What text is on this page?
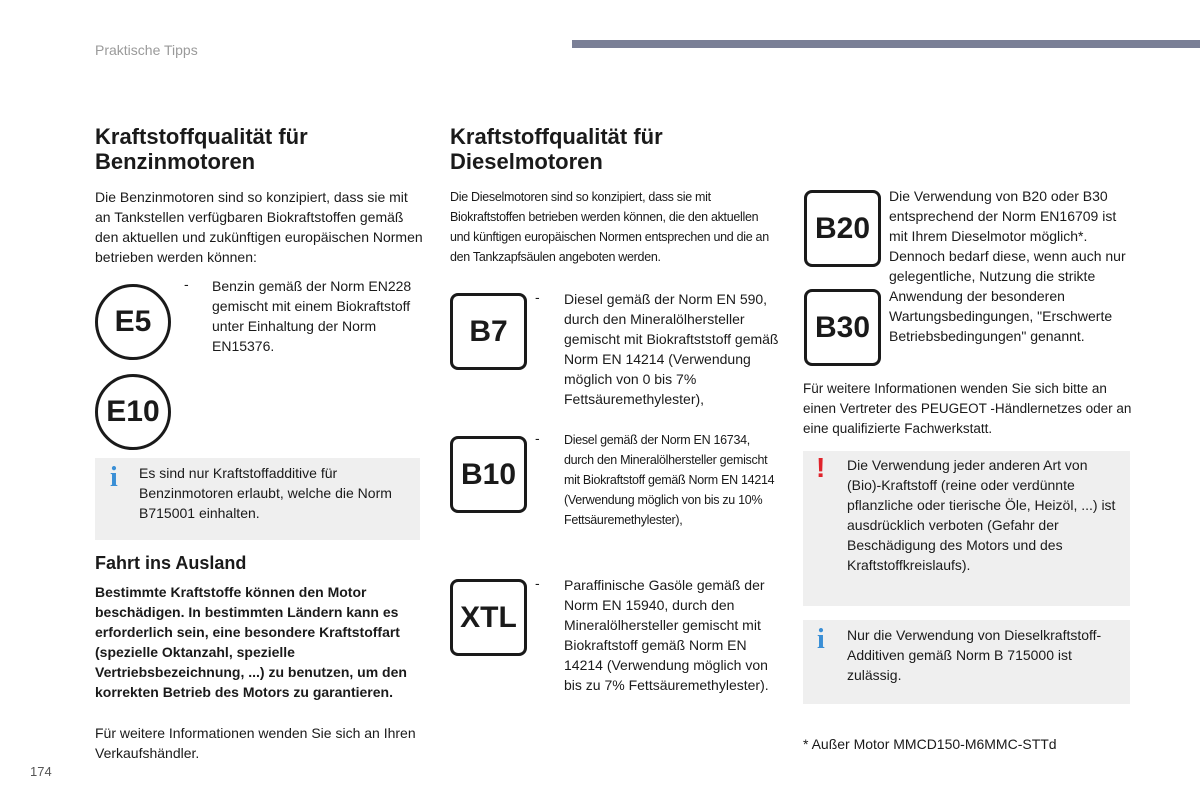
Praktische Tipps
Kraftstoffqualität für Benzinmotoren
Die Benzinmotoren sind so konzipiert, dass sie mit an Tankstellen verfügbaren Biokraftstoffen gemäß den aktuellen und zukünftigen europäischen Normen betrieben werden können:
E5
E10
- Benzin gemäß der Norm EN228 gemischt mit einem Biokraftstoff unter Einhaltung der Norm EN15376.
i Es sind nur Kraftstoffadditive für Benzinmotoren erlaubt, welche die Norm B715001 einhalten.
Fahrt ins Ausland
Bestimmte Kraftstoffe können den Motor beschädigen. In bestimmten Ländern kann es erforderlich sein, eine besondere Kraftstoffart (spezielle Oktanzahl, spezielle Vertriebsbezeichnung, ...) zu benutzen, um den korrekten Betrieb des Motors zu garantieren.
Für weitere Informationen wenden Sie sich an Ihren Verkaufshändler.
Kraftstoffqualität für Dieselmotoren
Die Dieselmotoren sind so konzipiert, dass sie mit Biokraftstoffen betrieben werden können, die den aktuellen und künftigen europäischen Normen entsprechen und die an den Tankzapfsäulen angeboten werden.
B7
- Diesel gemäß der Norm EN 590, durch den Mineralölhersteller gemischt mit Biokraftststoff gemäß Norm EN 14214 (Verwendung möglich von 0 bis 7% Fettsäuremethylester),
B10
- Diesel gemäß der Norm EN 16734, durch den Mineralölhersteller gemischt mit Biokraftstoff gemäß Norm EN 14214 (Verwendung möglich von bis zu 10% Fettsäuremethylester),
XTL
- Paraffinische Gasöle gemäß der Norm EN 15940, durch den Mineralölhersteller gemischt mit Biokraftstoff gemäß Norm EN 14214 (Verwendung möglich von bis zu 7% Fettsäuremethylester).
B20
B30
Die Verwendung von B20 oder B30 entsprechend der Norm EN16709 ist mit Ihrem Dieselmotor möglich*. Dennoch bedarf diese, wenn auch nur gelegentliche, Nutzung die strikte Anwendung der besonderen Wartungsbedingungen, "Erschwerte Betriebsbedingungen" genannt.
Für weitere Informationen wenden Sie sich bitte an einen Vertreter des PEUGEOT -Händlernetzes oder an eine qualifizierte Fachwerkstatt.
! Die Verwendung jeder anderen Art von (Bio)-Kraftstoff (reine oder verdünnte pflanzliche oder tierische Öle, Heizöl, ...) ist ausdrücklich verboten (Gefahr der Beschädigung des Motors und des Kraftstoffkreislaufs).
i Nur die Verwendung von Dieselkraftstoff-Additiven gemäß Norm B 715000 ist zulässig.
* Außer Motor MMCD150-M6MMC-STTd
174
